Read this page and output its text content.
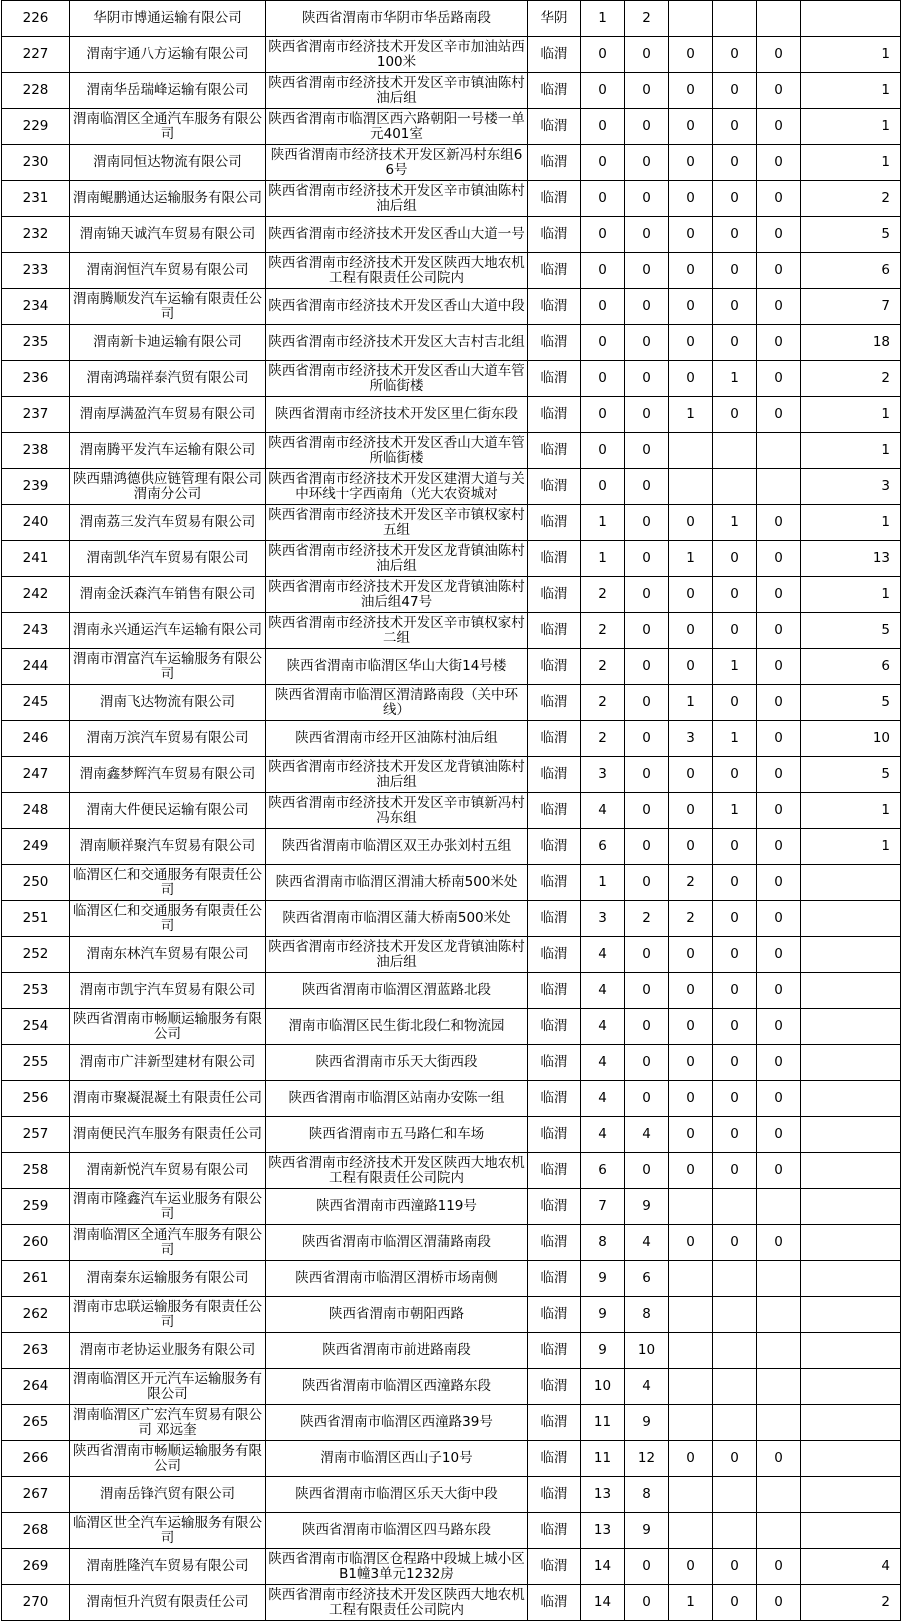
226	华阴市博通运输有限公司	陕西省渭南市华阴市华岳路南段	华阴	1	2				
227	渭南宇通八方运输有限公司	陕西省渭南市经济技术开发区辛市加油站西100米	临渭	0	0	0	0	0	1
228	渭南华岳瑞峰运输有限公司	陕西省渭南市经济技术开发区辛市镇油陈村油后组	临渭	0	0	0	0	0	1
229	渭南临渭区全通汽车服务有限公司	陕西省渭南市临渭区西六路朝阳一号楼一单元401室	临渭	0	0	0	0	0	1
230	渭南同恒达物流有限公司	陕西省渭南市经济技术开发区新冯村东组66号	临渭	0	0	0	0	0	1
231	渭南鲲鹏通达运输服务有限公司	陕西省渭南市经济技术开发区辛市镇油陈村油后组	临渭	0	0	0	0	0	2
232	渭南锦天诚汽车贸易有限公司	陕西省渭南市经济技术开发区香山大道一号	临渭	0	0	0	0	0	5
233	渭南润恒汽车贸易有限公司	陕西省渭南市经济技术开发区陕西大地农机工程有限责任公司院内	临渭	0	0	0	0	0	6
234	渭南腾顺发汽车运输有限责任公司	陕西省渭南市经济技术开发区香山大道中段	临渭	0	0	0	0	0	7
235	渭南新卡迪运输有限公司	陕西省渭南市经济技术开发区大吉村吉北组	临渭	0	0	0	0	0	18
236	渭南鸿瑞祥泰汽贸有限公司	陕西省渭南市经济技术开发区香山大道车管所临街楼	临渭	0	0	0	1	0	2
237	渭南厚满盈汽车贸易有限公司	陕西省渭南市经济技术开发区里仁街东段	临渭	0	0	1	0	0	1
238	渭南腾平发汽车运输有限公司	陕西省渭南市经济技术开发区香山大道车管所临街楼	临渭	0	0				1
239	陕西鼎鸿德供应链管理有限公司渭南分公司	陕西省渭南市经济技术开发区建渭大道与关中环线十字西南角（光大农资城对	临渭	0	0				3
240	渭南荔三发汽车贸易有限公司	陕西省渭南市经济技术开发区辛市镇权家村五组	临渭	1	0	0	1	0	1
241	渭南凯华汽车贸易有限公司	陕西省渭南市经济技术开发区龙背镇油陈村油后组	临渭	1	0	1	0	0	13
242	渭南金沃森汽车销售有限公司	陕西省渭南市经济技术开发区龙背镇油陈村油后组47号	临渭	2	0	0	0	0	1
243	渭南永兴通运汽车运输有限公司	陕西省渭南市经济技术开发区辛市镇权家村二组	临渭	2	0	0	0	0	5
244	渭南市渭富汽车运输服务有限公司	陕西省渭南市临渭区华山大街14号楼	临渭	2	0	0	1	0	6
245	渭南飞达物流有限公司	陕西省渭南市临渭区渭清路南段（关中环线）	临渭	2	0	1	0	0	5
246	渭南万滨汽车贸易有限公司	陕西省渭南市经开区油陈村油后组	临渭	2	0	3	1	0	10
247	渭南鑫梦辉汽车贸易有限公司	陕西省渭南市经济技术开发区龙背镇油陈村油后组	临渭	3	0	0	0	0	5
248	渭南大件便民运输有限公司	陕西省渭南市经济技术开发区辛市镇新冯村冯东组	临渭	4	0	0	1	0	1
249	渭南顺祥聚汽车贸易有限公司	陕西省渭南市临渭区双王办张刘村五组	临渭	6	0	0	0	0	1
250	临渭区仁和交通服务有限责任公司	陕西省渭南市临渭区渭浦大桥南500米处	临渭	1	0	2	0	0	
251	临渭区仁和交通服务有限责任公司	陕西省渭南市临渭区蒲大桥南500米处	临渭	3	2	2	0	0	
252	渭南东林汽车贸易有限公司	陕西省渭南市经济技术开发区龙背镇油陈村油后组	临渭	4	0	0	0	0	
253	渭南市凯宇汽车贸易有限公司	陕西省渭南市临渭区渭蓝路北段	临渭	4	0	0	0	0	
254	陕西省渭南市畅顺运输服务有限公司	渭南市临渭区民生街北段仁和物流园	临渭	4	0	0	0	0	
255	渭南市广沣新型建材有限公司	陕西省渭南市乐天大街西段	临渭	4	0	0	0	0	
256	渭南市聚凝混凝土有限责任公司	陕西省渭南市临渭区站南办安陈一组	临渭	4	0	0	0	0	
257	渭南便民汽车服务有限责任公司	陕西省渭南市五马路仁和车场	临渭	4	4	0	0	0	
258	渭南新悦汽车贸易有限公司	陕西省渭南市经济技术开发区陕西大地农机工程有限责任公司院内	临渭	6	0	0	0	0	
259	渭南市隆鑫汽车运业服务有限公司	陕西省渭南市西潼路119号	临渭	7	9				
260	渭南临渭区全通汽车服务有限公司	陕西省渭南市临渭区渭蒲路南段	临渭	8	4	0	0	0	
261	渭南秦东运输服务有限公司	陕西省渭南市临渭区渭桥市场南侧	临渭	9	6				
262	渭南市忠联运输服务有限责任公司	陕西省渭南市朝阳西路	临渭	9	8				
263	渭南市老协运业服务有限公司	陕西省渭南市前进路南段	临渭	9	10				
264	渭南临渭区开元汽车运输服务有限公司	陕西省渭南市临渭区西潼路东段	临渭	10	4				
265	渭南临渭区广宏汽车贸易有限公司 邓远奎	陕西省渭南市临渭区西潼路39号	临渭	11	9				
266	陕西省渭南市畅顺运输服务有限公司	渭南市临渭区西山子10号	临渭	11	12	0	0	0	
267	渭南岳锋汽贸有限公司	陕西省渭南市临渭区乐天大街中段	临渭	13	8				
268	临渭区世全汽车运输服务有限公司	陕西省渭南市临渭区四马路东段	临渭	13	9				
269	渭南胜隆汽车贸易有限公司	陕西省渭南市临渭区仓程路中段城上城小区B1幢3单元1232房	临渭	14	0	0	0	0	4
270	渭南恒升汽贸有限责任公司	陕西省渭南市经济技术开发区陕西大地农机工程有限责任公司院内	临渭	14	0	1	0	0	2
